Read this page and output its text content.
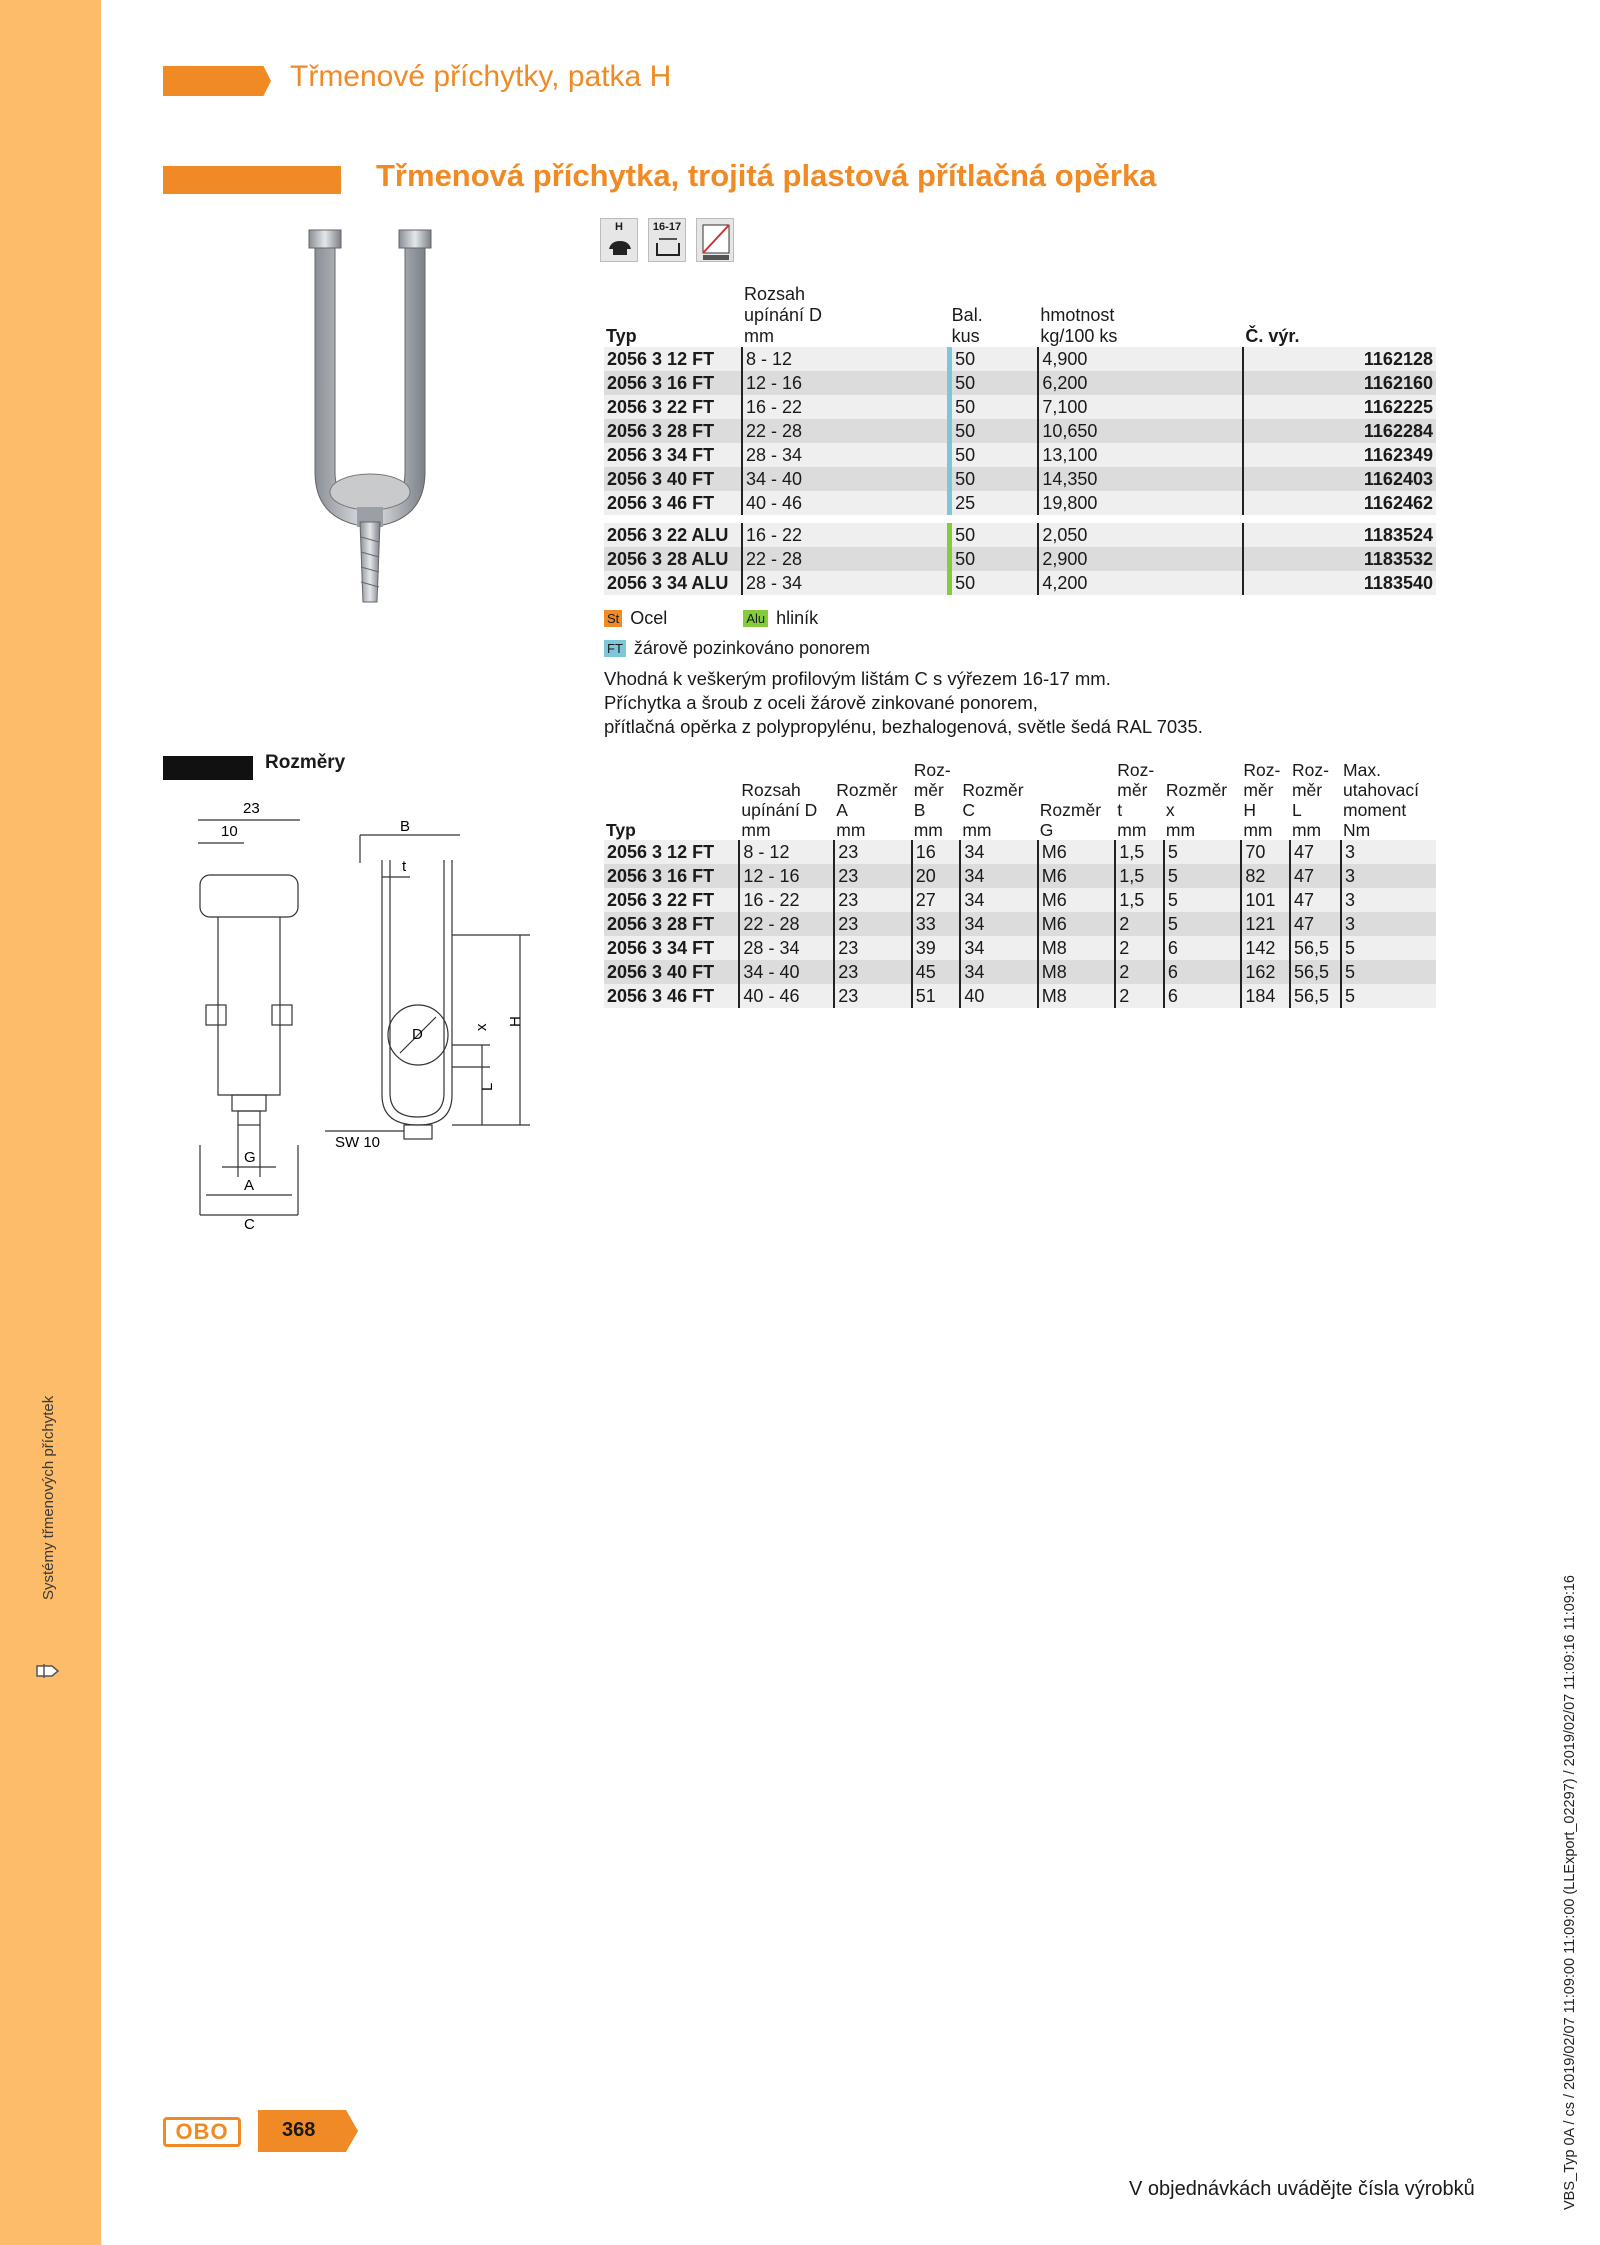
Systémy třmenových příchytek
Třmenové příchytky, patka H
Třmenová příchytka, trojitá plastová přítlačná opěrka
H	16-17
	Rozsah			
	upínání D	Bal.	hmotnost	
Typ	mm	kus	kg/100 ks	Č. výr.
2056 3 12 FT	8 - 12	50	4,900	1162128
2056 3 16 FT	12 - 16	50	6,200	1162160
2056 3 22 FT	16 - 22	50	7,100	1162225
2056 3 28 FT	22 - 28	50	10,650	1162284
2056 3 34 FT	28 - 34	50	13,100	1162349
2056 3 40 FT	34 - 40	50	14,350	1162403
2056 3 46 FT	40 - 46	25	19,800	1162462

2056 3 22 ALU	16 - 22	50	2,050	1183524
2056 3 28 ALU	22 - 28	50	2,900	1183532
2056 3 34 ALU	28 - 34	50	4,200	1183540
St Ocel	Alu hliník
FT žárově pozinkováno ponorem
Vhodná k veškerým profilovým lištám C s výřezem 16-17 mm.
Příchytka a šroub z oceli žárově zinkované ponorem,
přítlačná opěrka z polypropylénu, bezhalogenová, světle šedá RAL 7035.
Rozměry
				Roz-			Roz-		Roz-	Roz-	Max.
	Rozsah	Rozměr	měr	Rozměr		měr	Rozměr	měr	měr	utahovací
	upínání D	A	B	C	Rozměr	t	x	H	L	moment
Typ	mm	mm	mm	mm	G	mm	mm	mm	mm	Nm
2056 3 12 FT	8 - 12	23	16	34	M6	1,5	5	70	47	3
2056 3 16 FT	12 - 16	23	20	34	M6	1,5	5	82	47	3
2056 3 22 FT	16 - 22	23	27	34	M6	1,5	5	101	47	3
2056 3 28 FT	22 - 28	23	33	34	M6	2	5	121	47	3
2056 3 34 FT	28 - 34	23	39	34	M8	2	6	142	56,5	5
2056 3 40 FT	34 - 40	23	45	34	M8	2	6	162	56,5	5
2056 3 46 FT	40 - 46	23	51	40	M8	2	6	184	56,5	5
23
10	B
t
D	x
H
L
G
A
C
SW 10
OBO	368
V objednávkách uvádějte čísla výrobků	VBS_Typ 0A / cs / 2019/02/07 11:09:00 11:09:00 (LLExport_02297) / 2019/02/07 11:09:16 11:09:16
